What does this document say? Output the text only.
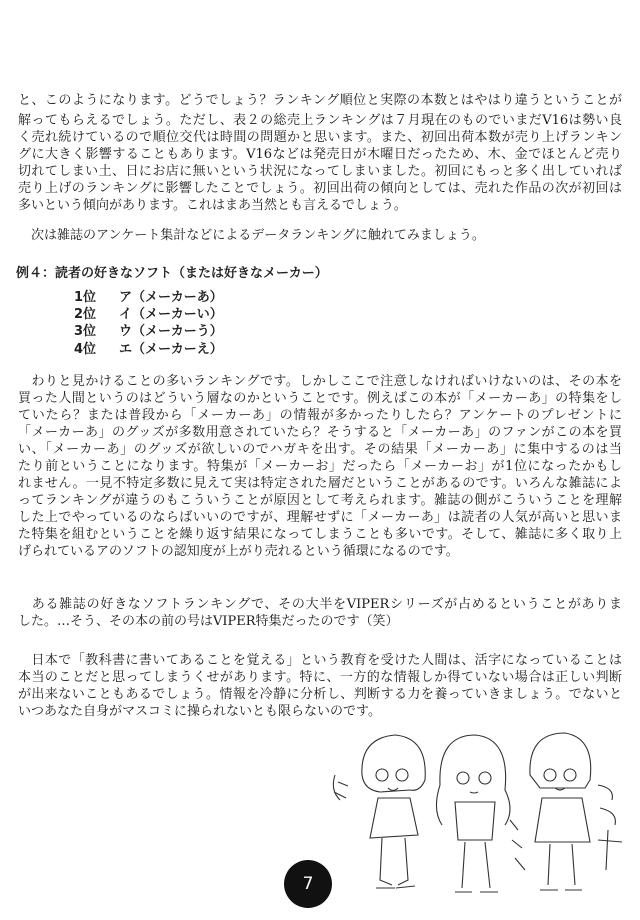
と、このようになります。どうでしょう？ランキング順位と実際の本数とはやはり違うということが
解ってもらえるでしょう。ただし、表２の総売上ランキングは７月現在のものでいまだV16は勢い良
く売れ続けているので順位交代は時間の問題かと思います。また、初回出荷本数が売り上げランキン
グに大きく影響することもあります。V16などは発売日が木曜日だったため、木、金でほとんど売り
切れてしまい土、日にお店に無いという状況になってしまいました。初回にもっと多く出していれば
売り上げのランキングに影響したことでしょう。初回出荷の傾向としては、売れた作品の次が初回は
多いという傾向があります。これはまあ当然とも言えるでしょう。
　次は雑誌のアンケート集計などによるデータランキングに触れてみましょう。
例４：読者の好きなソフト（または好きなメーカー）
1位 ア（メーカーあ）
2位 イ（メーカーい）
3位 ウ（メーカーう）
4位 エ（メーカーえ）
　わりと見かけることの多いランキングです。しかしここで注意しなければいけないのは、その本を
買った人間というのはどういう層なのかということです。例えばこの本が「メーカーあ」の特集をし
ていたら？または普段から「メーカーあ」の情報が多かったりしたら？アンケートのプレゼントに
「メーカーあ」のグッズが多数用意されていたら？そうすると「メーカーあ」のファンがこの本を買
い、「メーカーあ」のグッズが欲しいのでハガキを出す。その結果「メーカーあ」に集中するのは当
たり前ということになります。特集が「メーカーお」だったら「メーカーお」が1位になったかもし
れません。一見不特定多数に見えて実は特定された層だということがあるのです。いろんな雑誌によ
ってランキングが違うのもこういうことが原因として考えられます。雑誌の側がこういうことを理解
した上でやっているのならばいいのですが、理解せずに「メーカーあ」は読者の人気が高いと思いま
た特集を組むということを繰り返す結果になってしまうことも多いです。そして、雑誌に多く取り上
げられているアのソフトの認知度が上がり売れるという循環になるのです。
　ある雑誌の好きなソフトランキングで、その大半をVIPERシリーズが占めるということがありま
した。…そう、その本の前の号はVIPER特集だったのです（笑）
　日本で「教科書に書いてあることを覚える」という教育を受けた人間は、活字になっていることは
本当のことだと思ってしまうくせがあります。特に、一方的な情報しか得ていない場合は正しい判断
が出来ないこともあるでしょう。情報を冷静に分析し、判断する力を養っていきましょう。でないと
いつあなた自身がマスコミに操られないとも限らないのです。
7
